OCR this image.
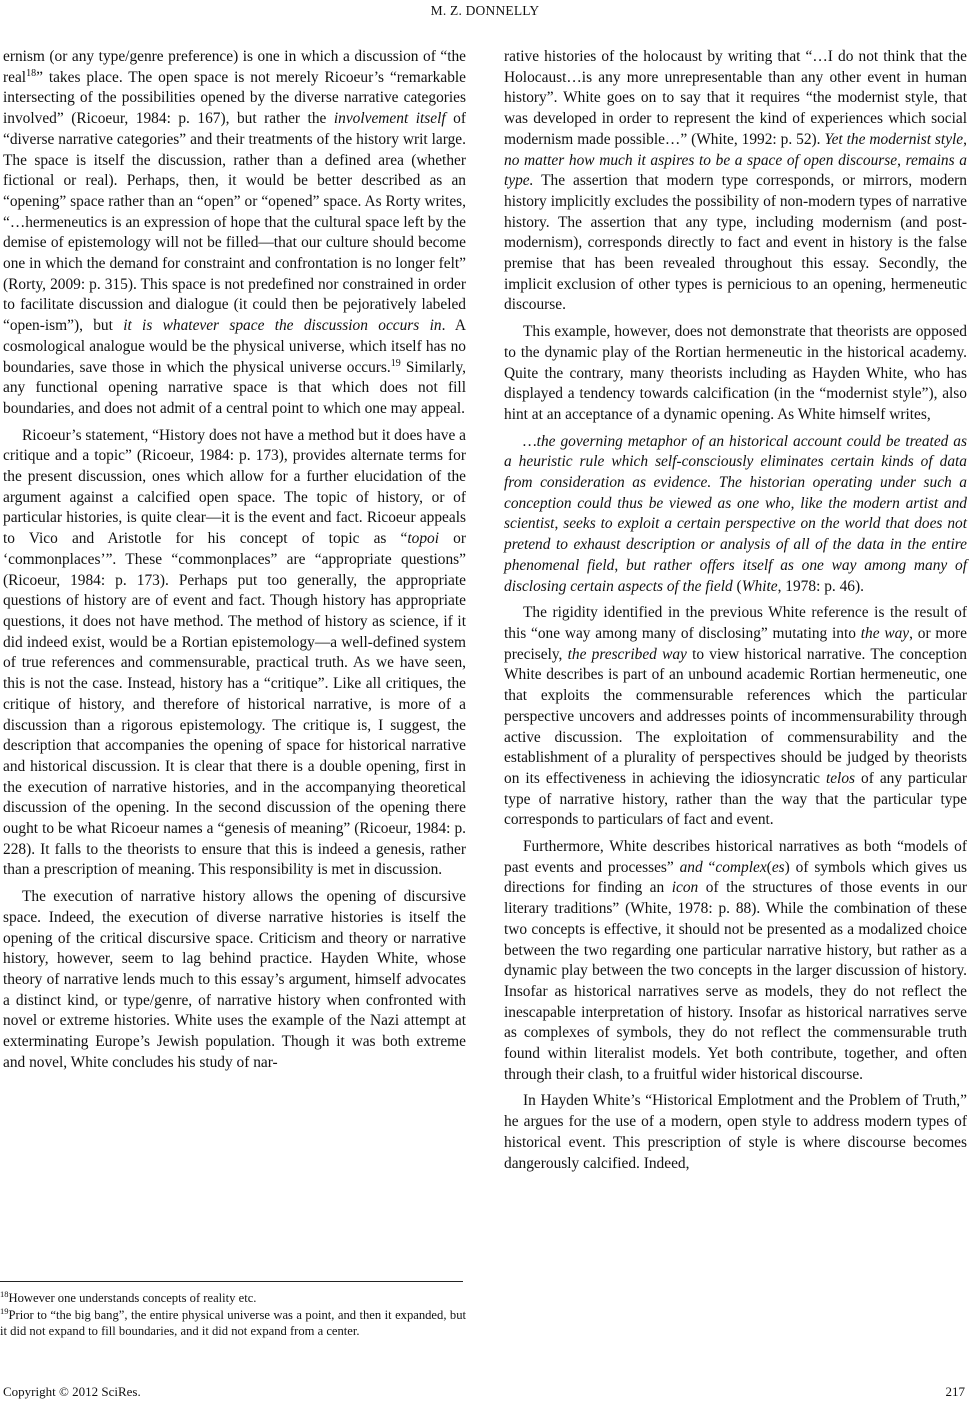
M. Z. DONNELLY

ernism (or any type/genre preference) is one in which a discussion of “the real$^{18}$” takes place. The open space is not merely Ricoeur’s “remarkable intersecting of the possibilities opened by the diverse narrative categories involved” (Ricoeur, 1984: p. 167), but rather the involvement itself of “diverse narrative categories” and their treatments of the history writ large. The space is itself the discussion, rather than a defined area (whether fictional or real). Perhaps, then, it would be better described as an “opening” space rather than an “open” or “opened” space. As Rorty writes, “…hermeneutics is an expression of hope that the cultural space left by the demise of epistemology will not be filled—that our culture should become one in which the demand for constraint and confrontation is no longer felt” (Rorty, 2009: p. 315). This space is not predefined nor constrained in order to facilitate discussion and dialogue (it could then be pejoratively labeled “open-ism”), but it is whatever space the discussion occurs in. A cosmological analogue would be the physical universe, which itself has no boundaries, save those in which the physical universe occurs.$^{19}$ Similarly, any functional opening narrative space is that which does not fill boundaries, and does not admit of a central point to which one may appeal.

Ricoeur’s statement, “History does not have a method but it does have a critique and a topic” (Ricoeur, 1984: p. 173), provides alternate terms for the present discussion, ones which allow for a further elucidation of the argument against a calcified open space. The topic of history, or of particular histories, is quite clear—it is the event and fact. Ricoeur appeals to Vico and Aristotle for his concept of topic as “topoi or ‘commonplaces’”. These “commonplaces” are “appropriate questions” (Ricoeur, 1984: p. 173). Perhaps put too generally, the appropriate questions of history are of event and fact. Though history has appropriate questions, it does not have method. The method of history as science, if it did indeed exist, would be a Rortian epistemology—a well-defined system of true references and commensurable, practical truth. As we have seen, this is not the case. Instead, history has a “critique”. Like all critiques, the critique of history, and therefore of historical narrative, is more of a discussion than a rigorous epistemology. The critique is, I suggest, the description that accompanies the opening of space for historical narrative and historical discussion. It is clear that there is a double opening, first in the execution of narrative histories, and in the accompanying theoretical discussion of the opening. In the second discussion of the opening there ought to be what Ricoeur names a “genesis of meaning” (Ricoeur, 1984: p. 228). It falls to the theorists to ensure that this is indeed a genesis, rather than a prescription of meaning. This responsibility is met in discussion.

The execution of narrative history allows the opening of discursive space. Indeed, the execution of diverse narrative histories is itself the opening of the critical discursive space. Criticism and theory or narrative history, however, seem to lag behind practice. Hayden White, whose theory of narrative lends much to this essay’s argument, himself advocates a distinct kind, or type/genre, of narrative history when confronted with novel or extreme histories. White uses the example of the Nazi attempt at exterminating Europe’s Jewish population. Though it was both extreme and novel, White concludes his study of nar-

rative histories of the holocaust by writing that “…I do not think that the Holocaust…is any more unrepresentable than any other event in human history”. White goes on to say that it requires “the modernist style, that was developed in order to represent the kind of experiences which social modernism made possible…” (White, 1992: p. 52). Yet the modernist style, no matter how much it aspires to be a space of open discourse, remains a type. The assertion that modern type corresponds, or mirrors, modern history implicitly excludes the possibility of non-modern types of narrative history. The assertion that any type, including modernism (and post-modernism), corresponds directly to fact and event in history is the false premise that has been revealed throughout this essay. Secondly, the implicit exclusion of other types is pernicious to an opening, hermeneutic discourse.

This example, however, does not demonstrate that theorists are opposed to the dynamic play of the Rortian hermeneutic in the historical academy. Quite the contrary, many theorists including as Hayden White, who has displayed a tendency towards calcification (in the “modernist style”), also hint at an acceptance of a dynamic opening. As White himself writes,

…the governing metaphor of an historical account could be treated as a heuristic rule which self-consciously eliminates certain kinds of data from consideration as evidence. The historian operating under such a conception could thus be viewed as one who, like the modern artist and scientist, seeks to exploit a certain perspective on the world that does not pretend to exhaust description or analysis of all of the data in the entire phenomenal field, but rather offers itself as one way among many of disclosing certain aspects of the field (White, 1978: p. 46).

The rigidity identified in the previous White reference is the result of this “one way among many of disclosing” mutating into the way, or more precisely, the prescribed way to view historical narrative. The conception White describes is part of an unbound academic Rortian hermeneutic, one that exploits the commensurable references which the particular perspective uncovers and addresses points of incommensurability through active discussion. The exploitation of commensurability and the establishment of a plurality of perspectives should be judged by theorists on its effectiveness in achieving the idiosyncratic telos of any particular type of narrative history, rather than the way that the particular type corresponds to particulars of fact and event.

Furthermore, White describes historical narratives as both “models of past events and processes” and “complex(es) of symbols which gives us directions for finding an icon of the structures of those events in our literary traditions” (White, 1978: p. 88). While the combination of these two concepts is effective, it should not be presented as a modalized choice between the two regarding one particular narrative history, but rather as a dynamic play between the two concepts in the larger discussion of history. Insofar as historical narratives serve as models, they do not reflect the inescapable interpretation of history. Insofar as historical narratives serve as complexes of symbols, they do not reflect the commensurable truth found within literalist models. Yet both contribute, together, and often through their clash, to a fruitful wider historical discourse.

In Hayden White’s “Historical Emplotment and the Problem of Truth,” he argues for the use of a modern, open style to address modern types of historical event. This prescription of style is where discourse becomes dangerously calcified. Indeed,

$^{18}$However one understands concepts of reality etc.

$^{19}$Prior to “the big bang”, the entire physical universe was a point, and then it expanded, but it did not expand to fill boundaries, and it did not expand from a center.

Copyright © 2012 SciRes.	217
